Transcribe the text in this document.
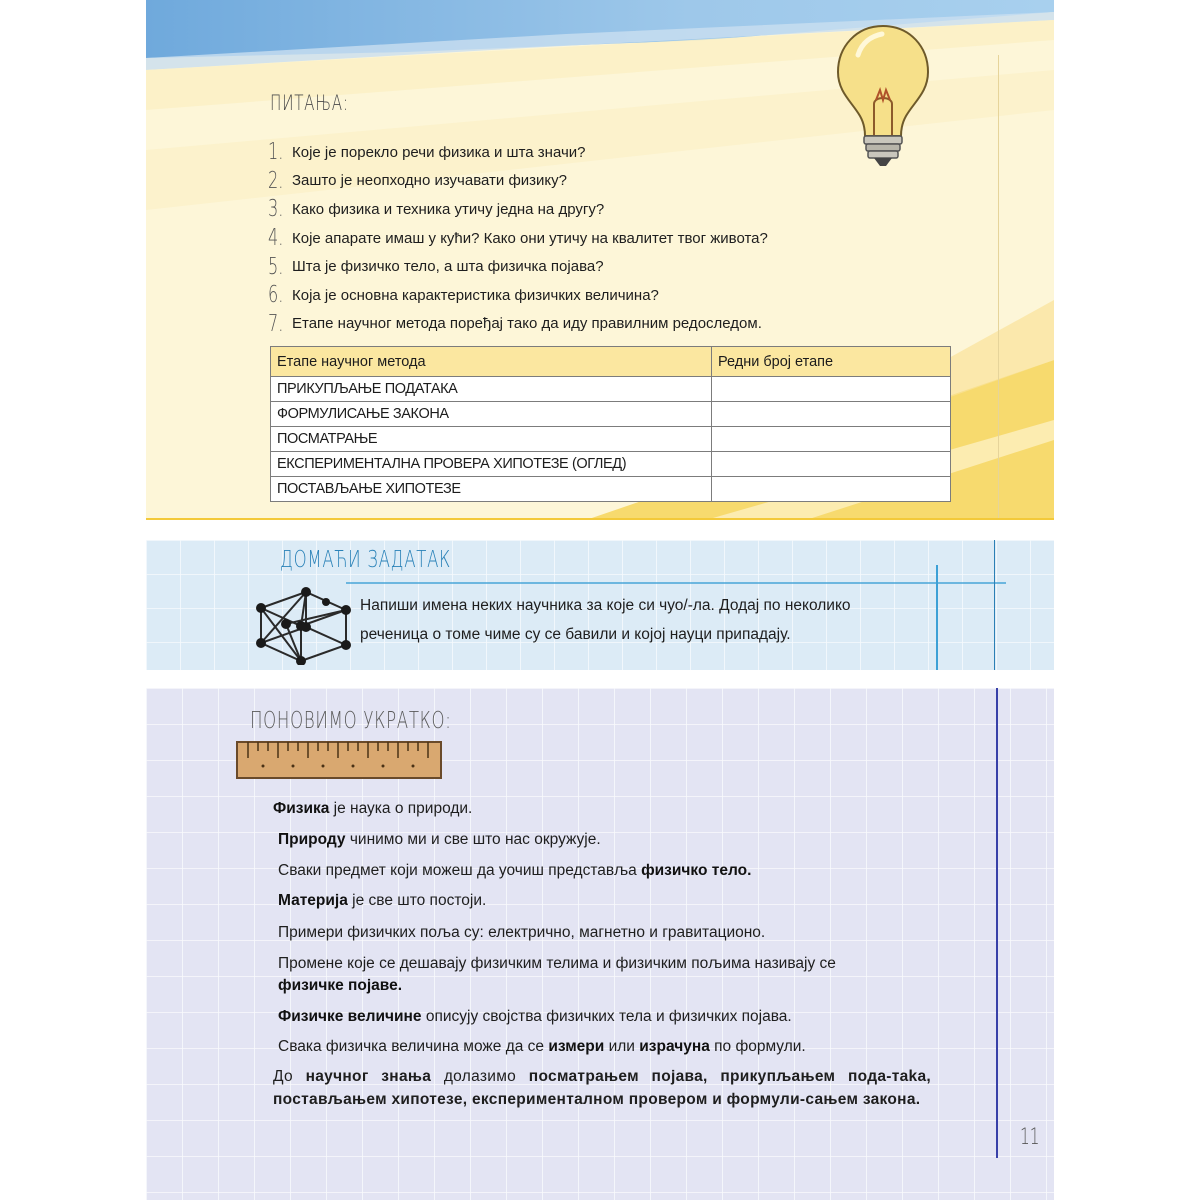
ПИТАЊА:
1. Које је порекло речи физика и шта значи?
2. Зашто је неопходно изучавати физику?
3. Како физика и техника утичу једна на другу?
4. Које апарате имаш у кући? Како они утичу на квалитет твог живота?
5. Шта је физичко тело, а шта физичка појава?
6. Која је основна карактеристика физичких величина?
7. Етапе научног метода поређај тако да иду правилним редоследом.
Етапе научног метода	Редни број етапе
ПРИКУПЉАЊЕ ПОДАТАКА	
ФОРМУЛИСАЊЕ ЗАКОНА	
ПОСМАТРАЊЕ	
ЕКСПЕРИМЕНТАЛНА ПРОВЕРА ХИПОТЕЗЕ (ОГЛЕД)	
ПОСТАВЉАЊЕ ХИПОТЕЗЕ	
ДОМАЋИ ЗАДАТАК
Напиши имена неких научника за које си чуо/-ла. Додај по неколико
реченица о томе чиме су се бавили и којој науци припадају.
ПОНОВИМО УКРАТКО:
Физика је наука о природи.
Природу чинимо ми и све што нас окружује.
Сваки предмет који можеш да уочиш представља физичко тело.
Материја је све што постоји.
Примери физичких поља су: електрично, магнетно и гравитационо.
Промене које се дешавају физичким телима и физичким пољима називају се
физичке појаве.
Физичке величине описују својства физичких тела и физичких појава.
Свака физичка величина може да се измери или израчуна по формули.
До научног знања долазимо посматрањем појава, прикупљањем пода-таka, постављањем хипотезе, експерименталном провером и формули-сањем закона.
11
